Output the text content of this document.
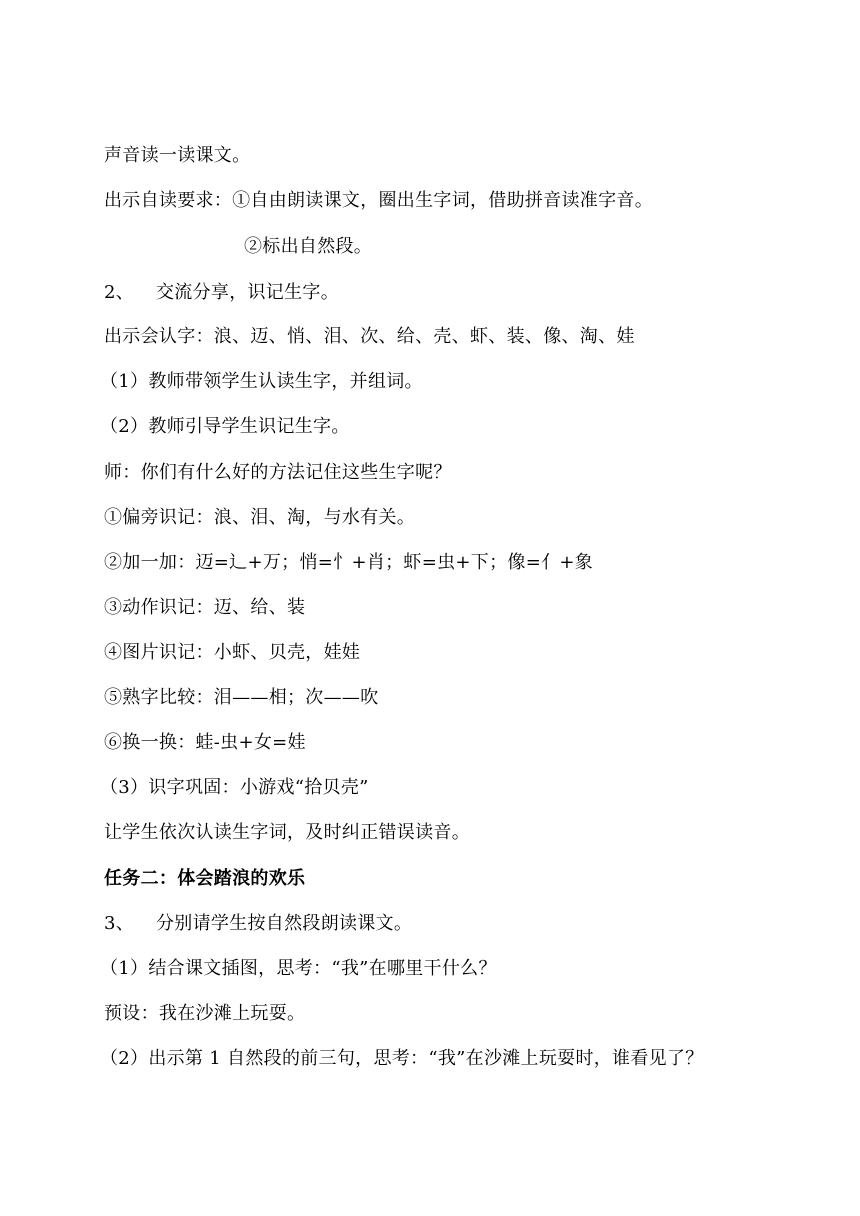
声音读一读课文。
出示自读要求：①自由朗读课文，圈出生字词，借助拼音读准字音。
②标出自然段。
2、 交流分享，识记生字。
出示会认字：浪、迈、悄、泪、次、给、壳、虾、装、像、淘、娃
（1）教师带领学生认读生字，并组词。
（2）教师引导学生识记生字。
师：你们有什么好的方法记住这些生字呢？
①偏旁识记：浪、泪、淘，与水有关。
②加一加：迈=辶+万；悄=忄+肖；虾=虫+下；像=亻+象
③动作识记：迈、给、装
④图片识记：小虾、贝壳，娃娃
⑤熟字比较：泪——相；次——吹
⑥换一换：蛙-虫+女=娃
（3）识字巩固：小游戏“拾贝壳”
让学生依次认读生字词，及时纠正错误读音。
任务二：体会踏浪的欢乐
3、 分别请学生按自然段朗读课文。
（1）结合课文插图，思考：“我”在哪里干什么？
预设：我在沙滩上玩耍。
（2）出示第 1 自然段的前三句，思考：“我”在沙滩上玩耍时，谁看见了？
